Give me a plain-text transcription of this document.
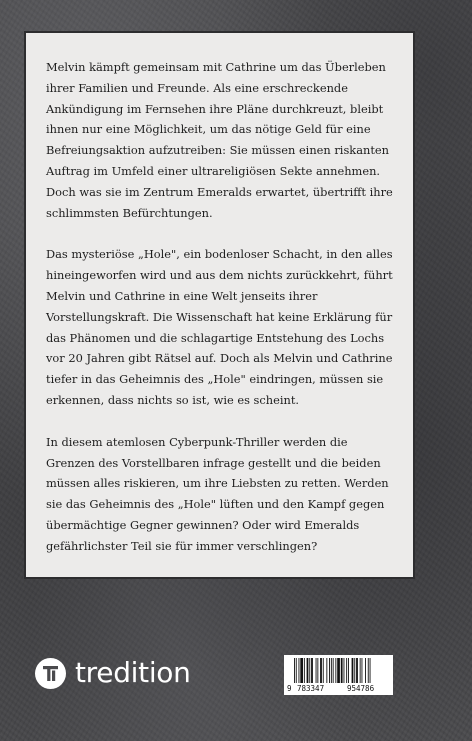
Melvin kämpft gemeinsam mit Cathrine um das Überleben ihrer Familien und Freunde. Als eine erschreckende Ankündigung im Fernsehen ihre Pläne durchkreuzt, bleibt ihnen nur eine Möglichkeit, um das nötige Geld für eine Befreiungsaktion aufzutreiben: Sie müssen einen riskanten Auftrag im Umfeld einer ultrareligiösen Sekte annehmen. Doch was sie im Zentrum Emeralds erwartet, übertrifft ihre schlimmsten Befürchtungen.

Das mysteriöse „Hole", ein bodenloser Schacht, in den alles hineingeworfen wird und aus dem nichts zurückkehrt, führt Melvin und Cathrine in eine Welt jenseits ihrer Vorstellungskraft. Die Wissenschaft hat keine Erklärung für das Phänomen und die schlagartige Entstehung des Lochs vor 20 Jahren gibt Rätsel auf. Doch als Melvin und Cathrine tiefer in das Geheimnis des „Hole" eindringen, müssen sie erkennen, dass nichts so ist, wie es scheint.

In diesem atemlosen Cyberpunk-Thriller werden die Grenzen des Vorstellbaren infrage gestellt und die beiden müssen alles riskieren, um ihre Liebsten zu retten. Werden sie das Geheimnis des „Hole" lüften und den Kampf gegen übermächtige Gegner gewinnen? Oder wird Emeralds gefährlichster Teil sie für immer verschlingen?

tredition	9 783347	954786
